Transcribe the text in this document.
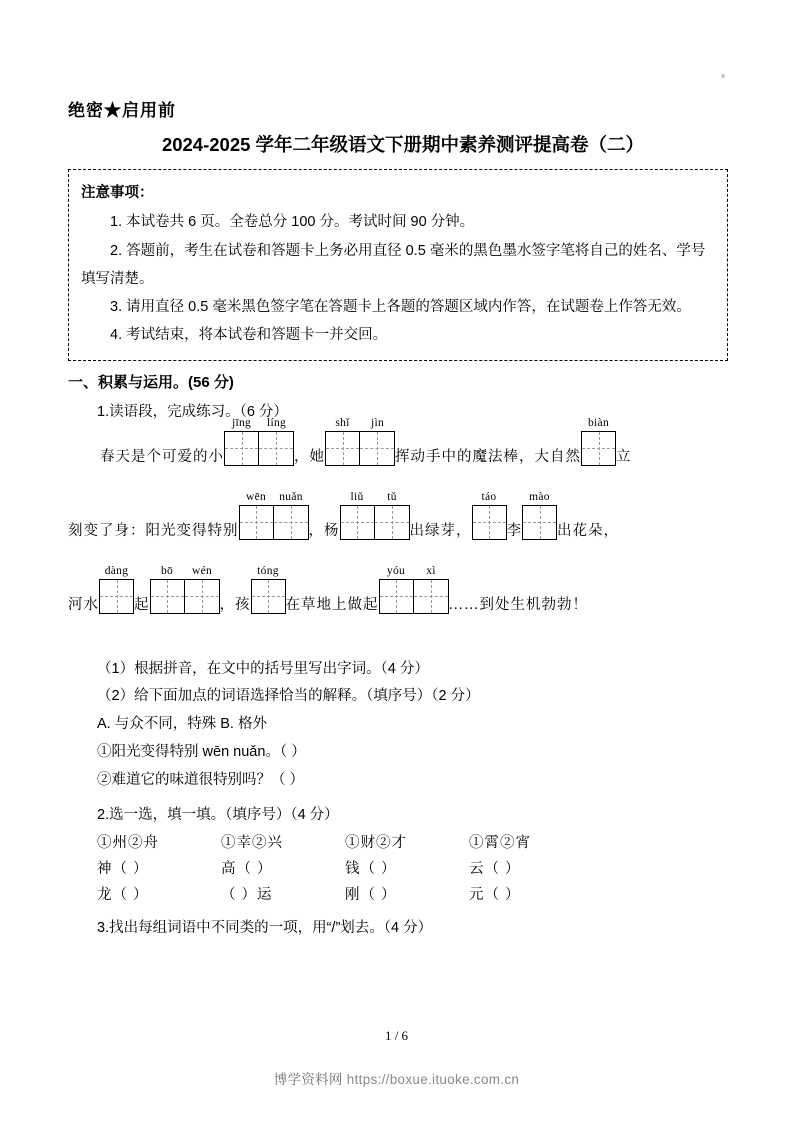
绝密★启用前
2024-2025 学年二年级语文下册期中素养测评提高卷（二）
注意事项：
1. 本试卷共 6 页。全卷总分 100 分。考试时间 90 分钟。
2. 答题前，考生在试卷和答题卡上务必用直径 0.5 毫米的黑色墨水签字笔将自己的姓名、学号填写清楚。
3. 请用直径 0.5 毫米黑色签字笔在答题卡上各题的答题区域内作答，在试题卷上作答无效。
4. 考试结束，将本试卷和答题卡一并交回。
一、积累与运用。(56 分)
1.读语段，完成练习。（6 分）
春天是个可爱的小
jīng	líng
，她
shǐ	jìn
挥动手中的魔法棒，大自然
biàn
立
刻变了身：阳光变得特别
wēn	nuǎn
，杨
liǔ	tǔ
出绿芽，
táo
李
mào
出花朵，
河水
dàng
起
bō	wén
，孩
tóng
在草地上做起
yóu	xì
……到处生机勃勃！
（1）根据拼音，在文中的括号里写出字词。（4 分）
（2）给下面加点的词语选择恰当的解释。（填序号）（2 分）
A. 与众不同，特殊 B. 格外
①阳光变得特别 wēn nuǎn。（ ）
②难道它的味道很特别吗？（ ）
2.选一选，填一填。（填序号）（4 分）
①州②舟	①幸②兴	①财②才	①霄②宵
神（ ）	高（ ）	钱（ ）	云（ ）
龙（ ）	（ ）运	刚（ ）	元（ ）
3.找出每组词语中不同类的一项，用“/”划去。（4 分）
1 / 6
博学资料网 https://boxue.ituoke.com.cn
